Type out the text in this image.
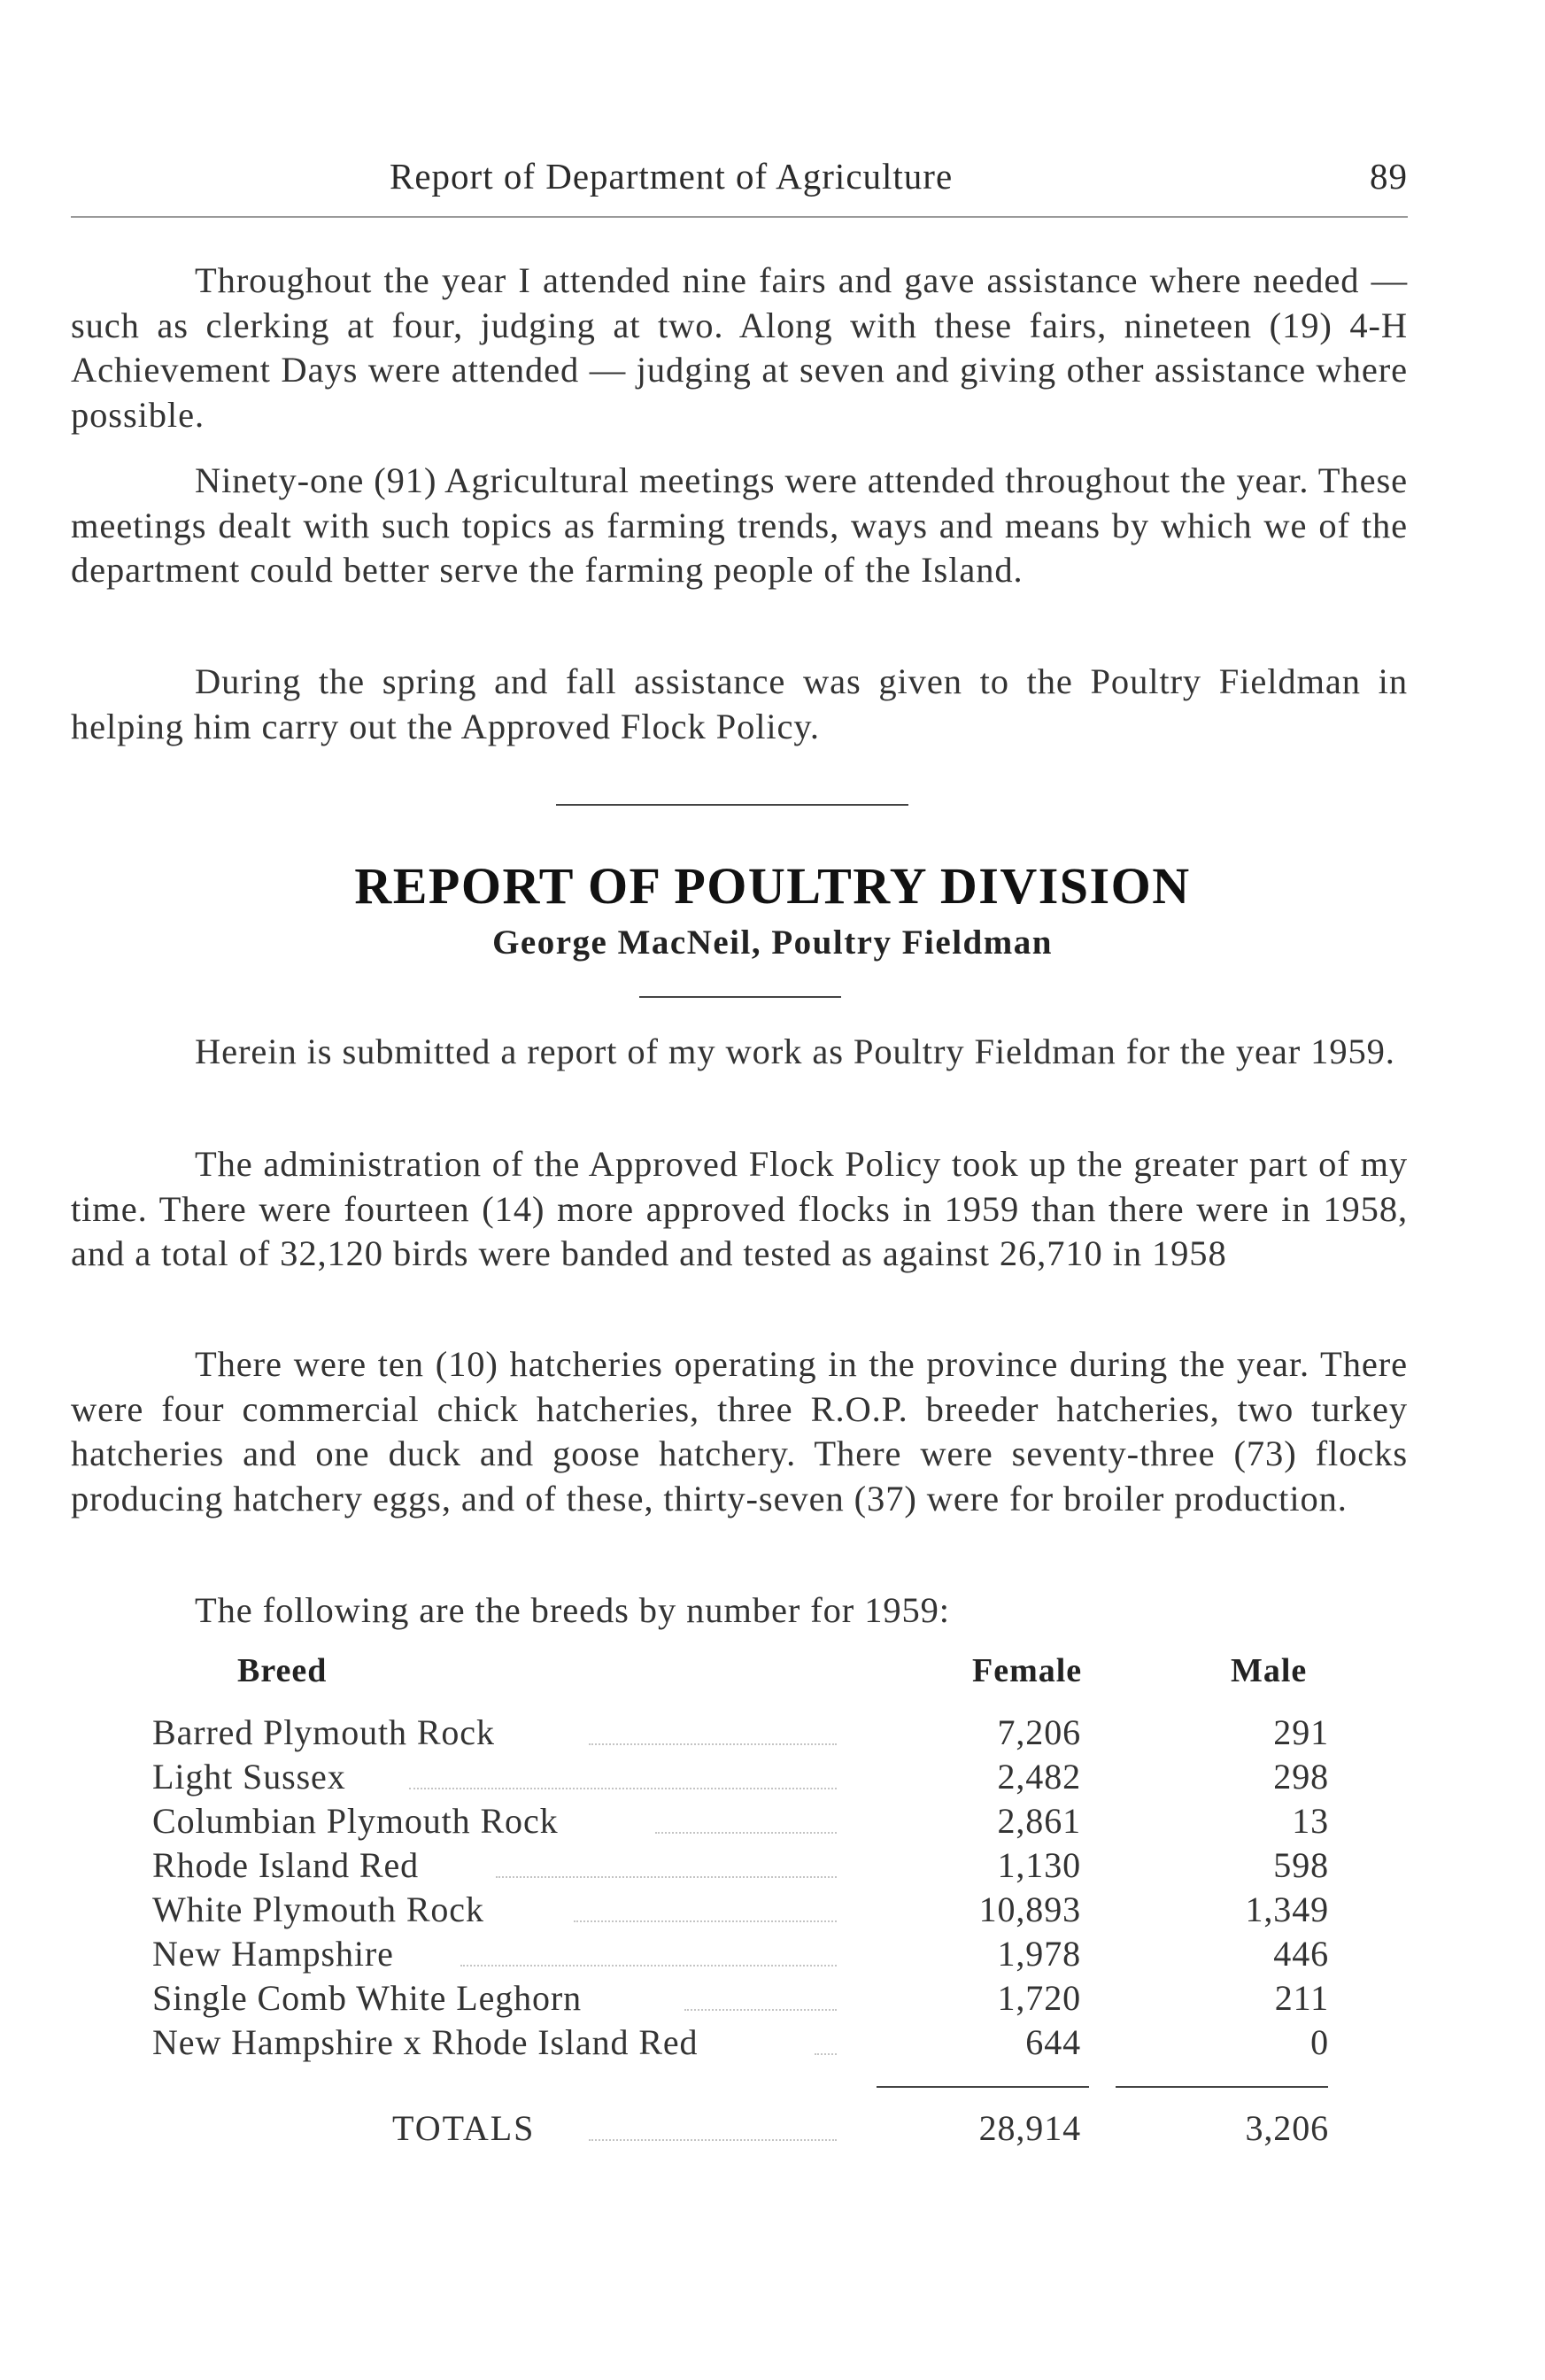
Report of Department of Agriculture	89

Throughout the year I attended nine fairs and gave assistance where needed — such as clerking at four, judging at two. Along with these fairs, nineteen (19) 4-H Achievement Days were attended — judging at seven and giving other assistance where possible.

Ninety-one (91) Agricultural meetings were attended throughout the year. These meetings dealt with such topics as farming trends, ways and means by which we of the department could better serve the farming people of the Island.

During the spring and fall assistance was given to the Poultry Fieldman in helping him carry out the Approved Flock Policy.

REPORT OF POULTRY DIVISION
George MacNeil, Poultry Fieldman

Herein is submitted a report of my work as Poultry Fieldman for the year 1959.

The administration of the Approved Flock Policy took up the greater part of my time. There were fourteen (14) more approved flocks in 1959 than there were in 1958, and a total of 32,120 birds were banded and tested as against 26,710 in 1958

There were ten (10) hatcheries operating in the province during the year. There were four commercial chick hatcheries, three R.O.P. breeder hatcheries, two turkey hatcheries and one duck and goose hatchery. There were seventy-three (73) flocks producing hatchery eggs, and of these, thirty-seven (37) were for broiler production.

The following are the breeds by number for 1959:

Breed	Female	Male
Barred Plymouth Rock	7,206	291
Light Sussex	2,482	298
Columbian Plymouth Rock	2,861	13
Rhode Island Red	1,130	598
White Plymouth Rock	10,893	1,349
New Hampshire	1,978	446
Single Comb White Leghorn	1,720	211
New Hampshire x Rhode Island Red	644	0
TOTALS	28,914	3,206
